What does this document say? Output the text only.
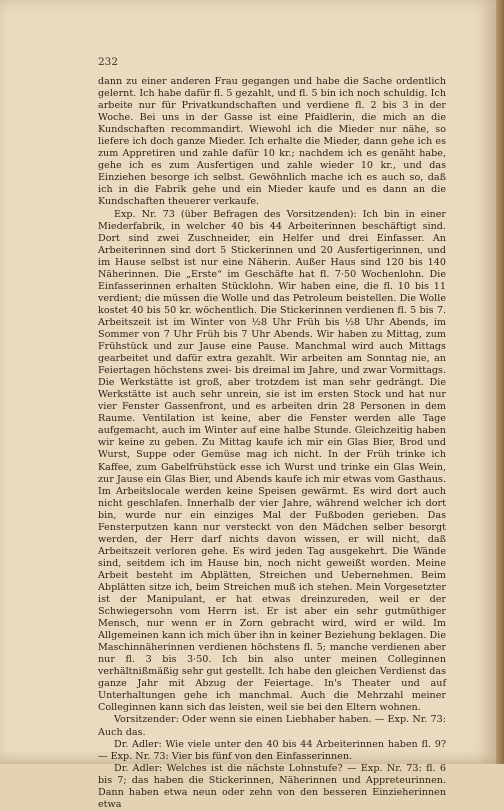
232

dann zu einer anderen Frau gegangen und habe die Sache ordentlich gelernt. Ich habe dafür fl. 5 gezahlt, und fl. 5 bin ich noch schuldig. Ich arbeite nur für Privatkundschaften und verdiene fl. 2 bis 3 in der Woche. Bei uns in der Gasse ist eine Pfaidlerin, die mich an die Kundschaften recommandirt. Wiewohl ich die Mieder nur nähe, so liefere ich doch ganze Mieder. Ich erhalte die Mieder, dann gehe ich es zum Appretiren und zahle dafür 10 kr.; nachdem ich es genäht habe, gehe ich es zum Ausfertigen und zahle wieder 10 kr., und das Einziehen besorge ich selbst. Gewöhnlich mache ich es auch so, daß ich in die Fabrik gehe und ein Mieder kaufe und es dann an die Kundschaften theuerer verkaufe.

Exp. Nr. 73 (über Befragen des Vorsitzenden): Ich bin in einer Miederfabrik, in welcher 40 bis 44 Arbeiterinnen beschäftigt sind. Dort sind zwei Zuschneider, ein Helfer und drei Einfasser. An Arbeiterinnen sind dort 5 Stickerinnen und 20 Ausfertigerinnen, und im Hause selbst ist nur eine Näherin. Außer Haus sind 120 bis 140 Näherinnen. Die „Erste“ im Geschäfte hat fl. 7·50 Wochenlohn. Die Einfasserinnen erhalten Stücklohn. Wir haben eine, die fl. 10 bis 11 verdient; die müssen die Wolle und das Petroleum beistellen. Die Wolle kostet 40 bis 50 kr. wöchentlich. Die Stickerinnen verdienen fl. 5 bis 7. Arbeitszeit ist im Winter von ½8 Uhr Früh bis ½8 Uhr Abends, im Sommer von 7 Uhr Früh bis 7 Uhr Abends. Wir haben zu Mittag, zum Frühstück und zur Jause eine Pause. Manchmal wird auch Mittags gearbeitet und dafür extra gezahlt. Wir arbeiten am Sonntag nie, an Feiertagen höchstens zwei- bis dreimal im Jahre, und zwar Vormittags. Die Werkstätte ist groß, aber trotzdem ist man sehr gedrängt. Die Werkstätte ist auch sehr unrein, sie ist im ersten Stock und hat nur vier Fenster Gassenfront, und es arbeiten drin 28 Personen in dem Raume. Ventilation ist keine, aber die Fenster werden alle Tage aufgemacht, auch im Winter auf eine halbe Stunde. Gleichzeitig haben wir keine zu geben. Zu Mittag kaufe ich mir ein Glas Bier, Brod und Wurst, Suppe oder Gemüse mag ich nicht. In der Früh trinke ich Kaffee, zum Gabelfrühstück esse ich Wurst und trinke ein Glas Wein, zur Jause ein Glas Bier, und Abends kaufe ich mir etwas vom Gasthaus. Im Arbeitslocale werden keine Speisen gewärmt. Es wird dort auch nicht geschlafen. Innerhalb der vier Jahre, während welcher ich dort bin, wurde nur ein einziges Mal der Fußboden gerieben. Das Fensterputzen kann nur versteckt von den Mädchen selber besorgt werden, der Herr darf nichts davon wissen, er will nicht, daß Arbeitszeit verloren gehe. Es wird jeden Tag ausgekehrt. Die Wände sind, seitdem ich im Hause bin, noch nicht geweißt worden. Meine Arbeit besteht im Abplätten, Streichen und Uebernehmen. Beim Abplätten sitze ich, beim Streichen muß ich stehen. Mein Vorgesetzter ist der Manipulant, er hat etwas dreinzureden, weil er der Schwiegersohn vom Herrn ist. Er ist aber ein sehr gutmüthiger Mensch, nur wenn er in Zorn gebracht wird, wird er wild. Im Allgemeinen kann ich mich über ihn in keiner Beziehung beklagen. Die Maschinnäherinnen verdienen höchstens fl. 5; manche verdienen aber nur fl. 3 bis 3·50. Ich bin also unter meinen Colleginnen verhältnißmäßig sehr gut gestellt. Ich habe den gleichen Verdienst das ganze Jahr mit Abzug der Feiertage. In's Theater und auf Unterhaltungen gehe ich manchmal. Auch die Mehrzahl meiner Colleginnen kann sich das leisten, weil sie bei den Eltern wohnen.

Vorsitzender: Oder wenn sie einen Liebhaber haben. — Exp. Nr. 73: Auch das.

Dr. Adler: Wie viele unter den 40 bis 44 Arbeiterinnen haben fl. 9? — Exp. Nr. 73: Vier bis fünf von den Einfasserinnen.

Dr. Adler: Welches ist die nächste Lohnstufe? — Exp. Nr. 73: fl. 6 bis 7; das haben die Stickerinnen, Näherinnen und Appreteurinnen. Dann haben etwa neun oder zehn von den besseren Einzieherinnen etwa
